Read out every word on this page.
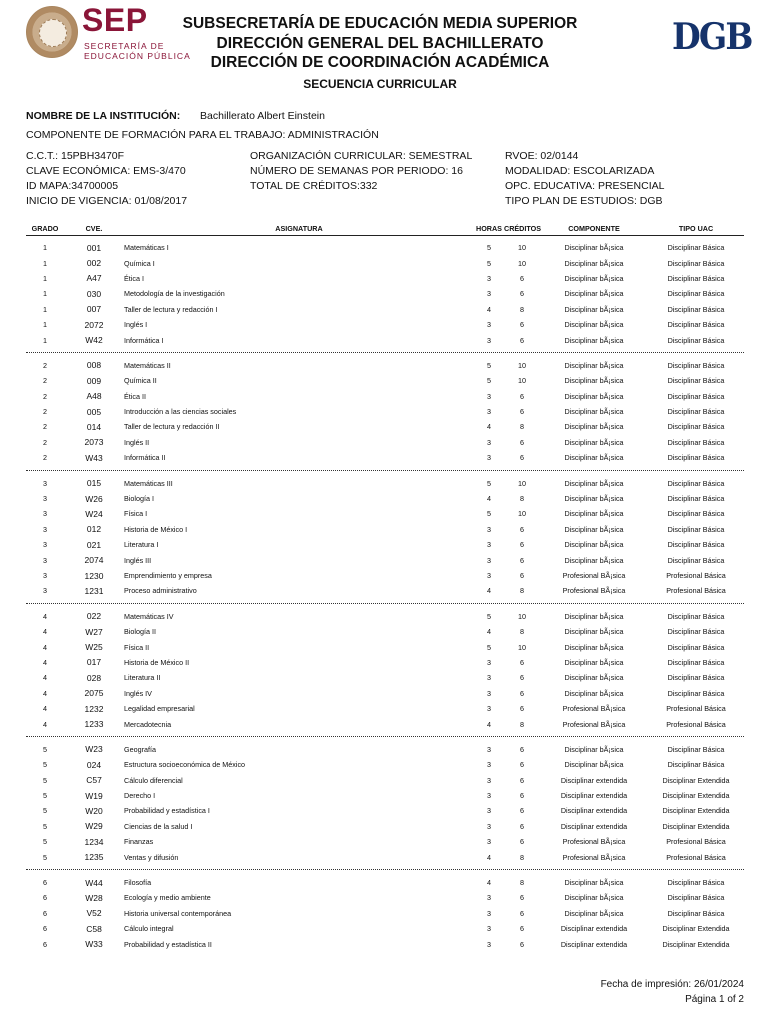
SEP
SECRETARÍA DE
EDUCACIÓN PÚBLICA
SUBSECRETARÍA DE EDUCACIÓN MEDIA SUPERIOR
DIRECCIÓN GENERAL DEL BACHILLERATO
DIRECCIÓN DE COORDINACIÓN ACADÉMICA
SECUENCIA CURRICULAR
DGB
NOMBRE DE LA INSTITUCIÓN: Bachillerato Albert Einstein
COMPONENTE DE FORMACIÓN PARA EL TRABAJO: ADMINISTRACIÓN
C.C.T.: 15PBH3470F
CLAVE ECONÓMICA: EMS-3/470
ID MAPA:34700005
INICIO DE VIGENCIA: 01/08/2017
ORGANIZACIÓN CURRICULAR: SEMESTRAL
NÚMERO DE SEMANAS POR PERIODO: 16
TOTAL DE CRÉDITOS:332
RVOE: 02/0144
MODALIDAD: ESCOLARIZADA
OPC. EDUCATIVA: PRESENCIAL
TIPO PLAN DE ESTUDIOS: DGB
GRADO	CVE.	ASIGNATURA	HORAS	CRÉDITOS	COMPONENTE	TIPO UAC

1	001	Matemáticas I	5	10	Disciplinar bÃ¡sica	Disciplinar Básica
1	002	Química I	5	10	Disciplinar bÃ¡sica	Disciplinar Básica
1	A47	Ética I	3	6	Disciplinar bÃ¡sica	Disciplinar Básica
1	030	Metodología de la investigación	3	6	Disciplinar bÃ¡sica	Disciplinar Básica
1	007	Taller de lectura y redacción I	4	8	Disciplinar bÃ¡sica	Disciplinar Básica
1	2072	Inglés I	3	6	Disciplinar bÃ¡sica	Disciplinar Básica
1	W42	Informática I	3	6	Disciplinar bÃ¡sica	Disciplinar Básica

2	008	Matemáticas II	5	10	Disciplinar bÃ¡sica	Disciplinar Básica
2	009	Química II	5	10	Disciplinar bÃ¡sica	Disciplinar Básica
2	A48	Ética II	3	6	Disciplinar bÃ¡sica	Disciplinar Básica
2	005	Introducción a las ciencias sociales	3	6	Disciplinar bÃ¡sica	Disciplinar Básica
2	014	Taller de lectura y redacción II	4	8	Disciplinar bÃ¡sica	Disciplinar Básica
2	2073	Inglés II	3	6	Disciplinar bÃ¡sica	Disciplinar Básica
2	W43	Informática II	3	6	Disciplinar bÃ¡sica	Disciplinar Básica

3	015	Matemáticas III	5	10	Disciplinar bÃ¡sica	Disciplinar Básica
3	W26	Biología I	4	8	Disciplinar bÃ¡sica	Disciplinar Básica
3	W24	Física I	5	10	Disciplinar bÃ¡sica	Disciplinar Básica
3	012	Historia de México I	3	6	Disciplinar bÃ¡sica	Disciplinar Básica
3	021	Literatura I	3	6	Disciplinar bÃ¡sica	Disciplinar Básica
3	2074	Inglés III	3	6	Disciplinar bÃ¡sica	Disciplinar Básica
3	1230	Emprendimiento y empresa	3	6	Profesional BÃ¡sica	Profesional Básica
3	1231	Proceso administrativo	4	8	Profesional BÃ¡sica	Profesional Básica

4	022	Matemáticas IV	5	10	Disciplinar bÃ¡sica	Disciplinar Básica
4	W27	Biología II	4	8	Disciplinar bÃ¡sica	Disciplinar Básica
4	W25	Física II	5	10	Disciplinar bÃ¡sica	Disciplinar Básica
4	017	Historia de México II	3	6	Disciplinar bÃ¡sica	Disciplinar Básica
4	028	Literatura II	3	6	Disciplinar bÃ¡sica	Disciplinar Básica
4	2075	Inglés IV	3	6	Disciplinar bÃ¡sica	Disciplinar Básica
4	1232	Legalidad empresarial	3	6	Profesional BÃ¡sica	Profesional Básica
4	1233	Mercadotecnia	4	8	Profesional BÃ¡sica	Profesional Básica

5	W23	Geografía	3	6	Disciplinar bÃ¡sica	Disciplinar Básica
5	024	Estructura socioeconómica de México	3	6	Disciplinar bÃ¡sica	Disciplinar Básica
5	C57	Cálculo diferencial	3	6	Disciplinar extendida	Disciplinar Extendida
5	W19	Derecho I	3	6	Disciplinar extendida	Disciplinar Extendida
5	W20	Probabilidad y estadística I	3	6	Disciplinar extendida	Disciplinar Extendida
5	W29	Ciencias de la salud I	3	6	Disciplinar extendida	Disciplinar Extendida
5	1234	Finanzas	3	6	Profesional BÃ¡sica	Profesional Básica
5	1235	Ventas y difusión	4	8	Profesional BÃ¡sica	Profesional Básica

6	W44	Filosofía	4	8	Disciplinar bÃ¡sica	Disciplinar Básica
6	W28	Ecología y medio ambiente	3	6	Disciplinar bÃ¡sica	Disciplinar Básica
6	V52	Historia universal contemporánea	3	6	Disciplinar bÃ¡sica	Disciplinar Básica
6	C58	Cálculo integral	3	6	Disciplinar extendida	Disciplinar Extendida
6	W33	Probabilidad y estadística II	3	6	Disciplinar extendida	Disciplinar Extendida
Fecha de impresión: 26/01/2024
Página 1 of 2
